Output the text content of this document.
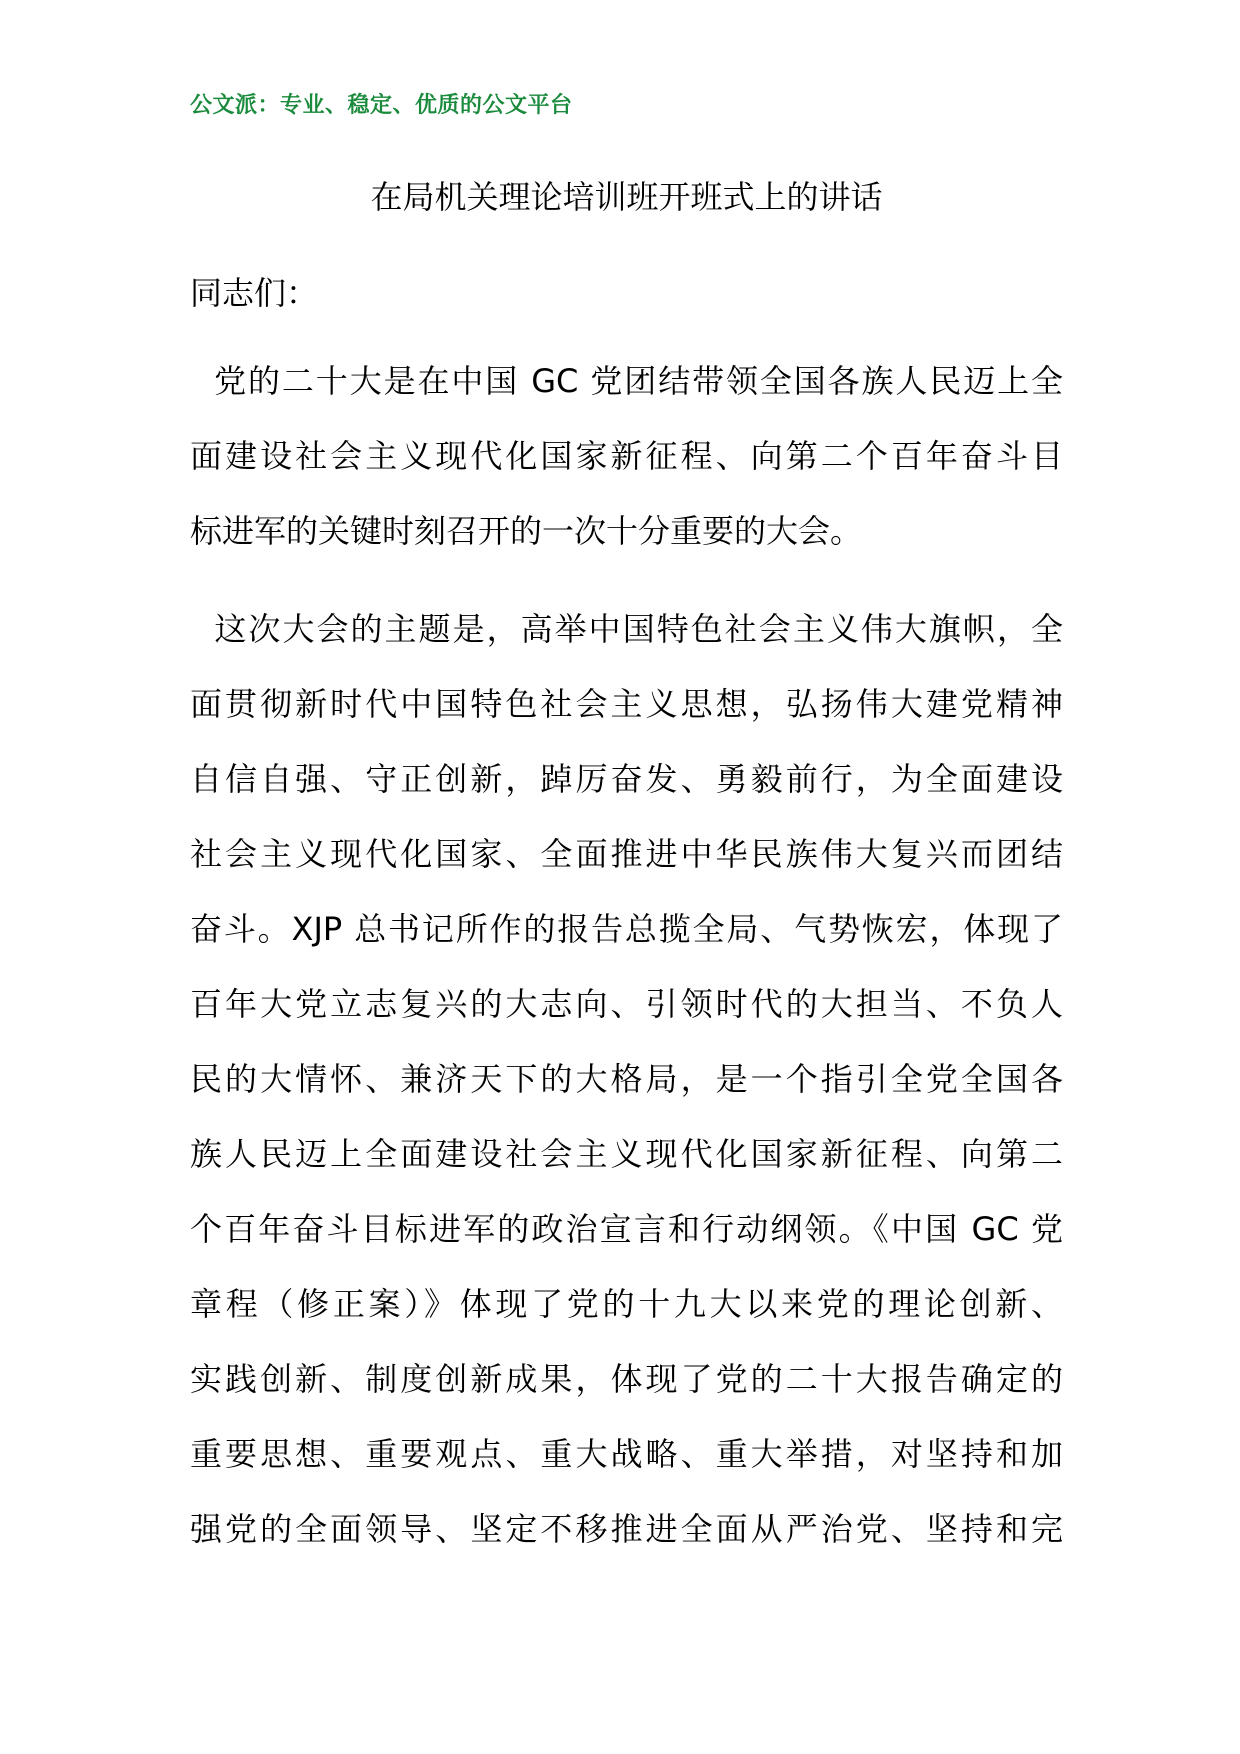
公文派：专业、稳定、优质的公文平台
在局机关理论培训班开班式上的讲话
同志们：
党的二十大是在中国 GC 党团结带领全国各族人民迈上全
面建设社会主义现代化国家新征程、向第二个百年奋斗目
标进军的关键时刻召开的一次十分重要的大会。
这次大会的主题是，高举中国特色社会主义伟大旗帜，全
面贯彻新时代中国特色社会主义思想，弘扬伟大建党精神
自信自强、守正创新，踔厉奋发、勇毅前行，为全面建设
社会主义现代化国家、全面推进中华民族伟大复兴而团结
奋斗。XJP 总书记所作的报告总揽全局、气势恢宏，体现了
百年大党立志复兴的大志向、引领时代的大担当、不负人
民的大情怀、兼济天下的大格局，是一个指引全党全国各
族人民迈上全面建设社会主义现代化国家新征程、向第二
个百年奋斗目标进军的政治宣言和行动纲领。《中国 GC 党
章程（修正案）》体现了党的十九大以来党的理论创新、
实践创新、制度创新成果，体现了党的二十大报告确定的
重要思想、重要观点、重大战略、重大举措，对坚持和加
强党的全面领导、坚定不移推进全面从严治党、坚持和完
